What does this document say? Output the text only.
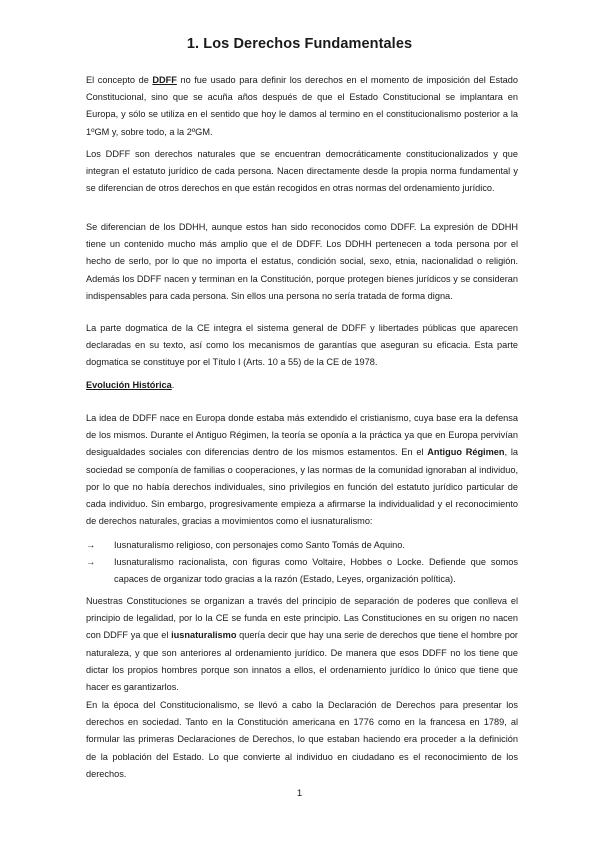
1. Los Derechos Fundamentales

El concepto de DDFF no fue usado para definir los derechos en el momento de imposición del Estado Constitucional, sino que se acuña años después de que el Estado Constitucional se implantara en Europa, y sólo se utiliza en el sentido que hoy le damos al termino en el constitucionalismo posterior a la 1ºGM y, sobre todo, a la 2ºGM.

Los DDFF son derechos naturales que se encuentran democráticamente constitucionalizados y que integran el estatuto jurídico de cada persona. Nacen directamente desde la propia norma fundamental y se diferencian de otros derechos en que están recogidos en otras normas del ordenamiento jurídico.

Se diferencian de los DDHH, aunque estos han sido reconocidos como DDFF. La expresión de DDHH tiene un contenido mucho más amplio que el de DDFF. Los DDHH pertenecen a toda persona por el hecho de serlo, por lo que no importa el estatus, condición social, sexo, etnia, nacionalidad o religión. Además los DDFF nacen y terminan en la Constitución, porque protegen bienes jurídicos y se consideran indispensables para cada persona. Sin ellos una persona no sería tratada de forma digna.

La parte dogmatica de la CE integra el sistema general de DDFF y libertades públicas que aparecen declaradas en su texto, así como los mecanismos de garantías que aseguran su eficacia. Esta parte dogmatica se constituye por el Título I (Arts. 10 a 55) de la CE de 1978.

Evolución Histórica.

La idea de DDFF nace en Europa donde estaba más extendido el cristianismo, cuya base era la defensa de los mismos. Durante el Antiguo Régimen, la teoría se oponía a la práctica ya que en Europa pervivían desigualdades sociales con diferencias dentro de los mismos estamentos. En el Antiguo Régimen, la sociedad se componía de familias o cooperaciones, y las normas de la comunidad ignoraban al individuo, por lo que no había derechos individuales, sino privilegios en función del estatuto jurídico particular de cada individuo. Sin embargo, progresivamente empieza a afirmarse la individualidad y el reconocimiento de derechos naturales, gracias a movimientos como el iusnaturalismo:

→	Iusnaturalismo religioso, con personajes como Santo Tomás de Aquino.
→	Iusnaturalismo racionalista, con figuras como Voltaire, Hobbes o Locke. Defiende que somos capaces de organizar todo gracias a la razón (Estado, Leyes, organización política).

Nuestras Constituciones se organizan a través del principio de separación de poderes que conlleva el principio de legalidad, por lo la CE se funda en este principio. Las Constituciones en su origen no nacen con DDFF ya que el iusnaturalismo quería decir que hay una serie de derechos que tiene el hombre por naturaleza, y que son anteriores al ordenamiento jurídico. De manera que esos DDFF no los tiene que dictar los propios hombres porque son innatos a ellos, el ordenamiento jurídico lo único que tiene que hacer es garantizarlos.

En la época del Constitucionalismo, se llevó a cabo la Declaración de Derechos para presentar los derechos en sociedad. Tanto en la Constitución americana en 1776 como en la francesa en 1789, al formular las primeras Declaraciones de Derechos, lo que estaban haciendo era proceder a la definición de la población del Estado. Lo que convierte al individuo en ciudadano es el reconocimiento de los derechos.

1
